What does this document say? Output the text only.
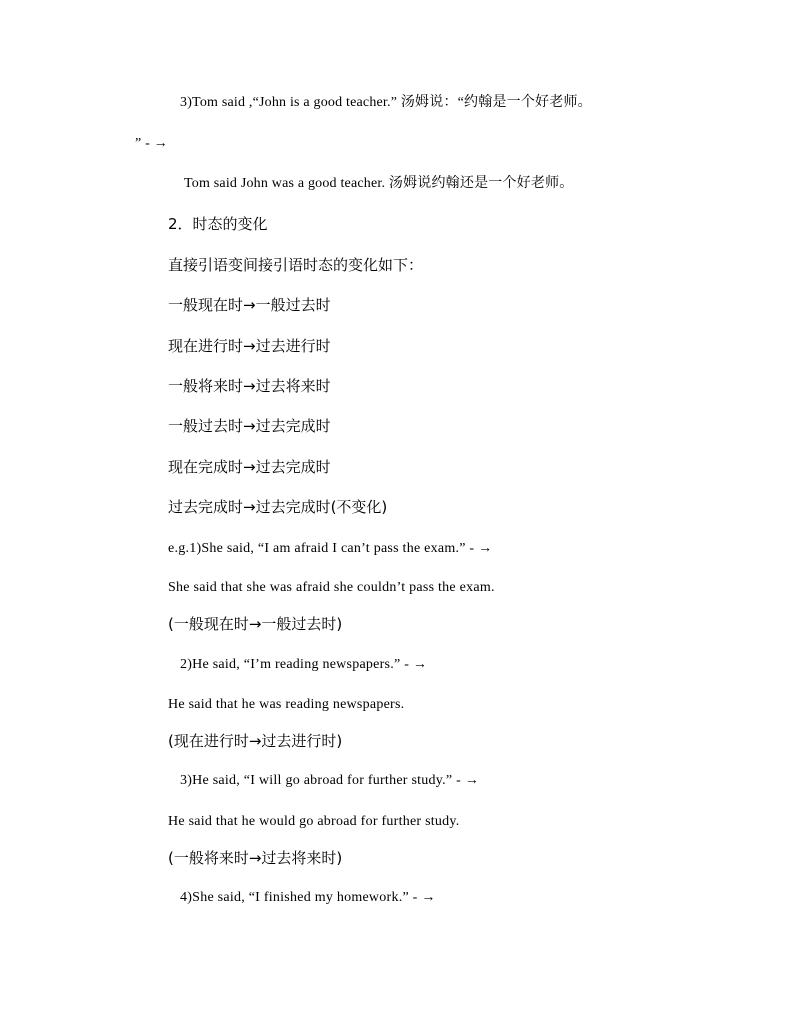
3)Tom said ,“John is a good teacher.” 汤姆说：“约翰是一个好老师。
” - →
Tom said John was a good teacher. 汤姆说约翰还是一个好老师。
2．时态的变化
直接引语变间接引语时态的变化如下：
一般现在时→一般过去时
现在进行时→过去进行时
一般将来时→过去将来时
一般过去时→过去完成时
现在完成时→过去完成时
过去完成时→过去完成时(不变化)
e.g.1)She said, “I am afraid I can’t pass the exam.” - →
She said that she was afraid she couldn’t pass the exam.
(一般现在时→一般过去时)
2)He said, “I’m reading newspapers.” - →
He said that he was reading newspapers.
(现在进行时→过去进行时)
3)He said, “I will go abroad for further study.” - →
He said that he would go abroad for further study.
(一般将来时→过去将来时)
4)She said, “I finished my homework.” - →
